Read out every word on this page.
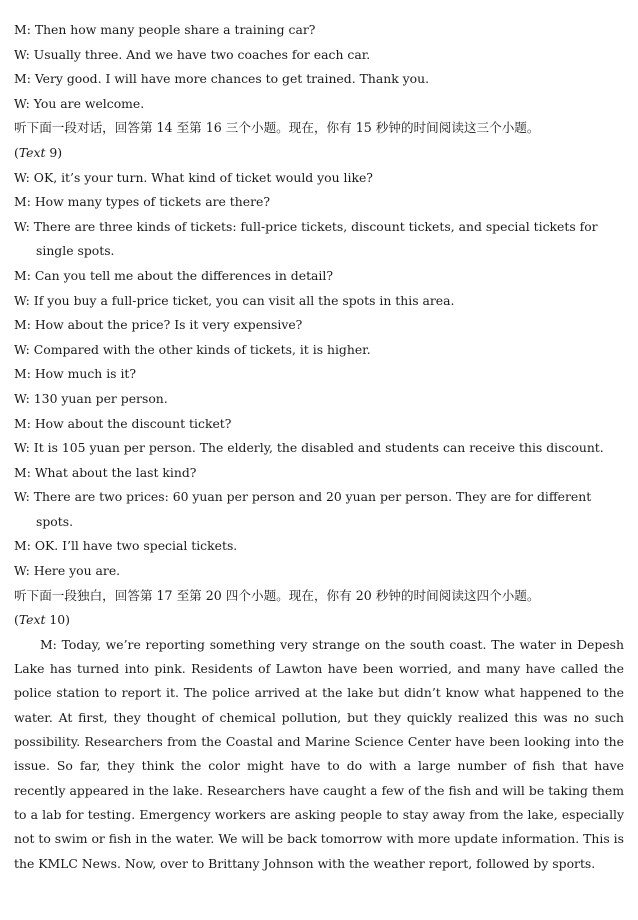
M: Then how many people share a training car?
W: Usually three. And we have two coaches for each car.
M: Very good. I will have more chances to get trained. Thank you.
W: You are welcome.
听下面一段对话，回答第 14 至第 16 三个小题。现在，你有 15 秒钟的时间阅读这三个小题。
(Text 9)
W: OK, it’s your turn. What kind of ticket would you like?
M: How many types of tickets are there?
W: There are three kinds of tickets: full-price tickets, discount tickets, and special tickets for
single spots.
M: Can you tell me about the differences in detail?
W: If you buy a full-price ticket, you can visit all the spots in this area.
M: How about the price? Is it very expensive?
W: Compared with the other kinds of tickets, it is higher.
M: How much is it?
W: 130 yuan per person.
M: How about the discount ticket?
W: It is 105 yuan per person. The elderly, the disabled and students can receive this discount.
M: What about the last kind?
W: There are two prices: 60 yuan per person and 20 yuan per person. They are for different
spots.
M: OK. I’ll have two special tickets.
W: Here you are.
听下面一段独白，回答第 17 至第 20 四个小题。现在，你有 20 秒钟的时间阅读这四个小题。
(Text 10)

M: Today, we’re reporting something very strange on the south coast. The water in Depesh Lake has turned into pink. Residents of Lawton have been worried, and many have called the police station to report it. The police arrived at the lake but didn’t know what happened to the water. At first, they thought of chemical pollution, but they quickly realized this was no such possibility. Researchers from the Coastal and Marine Science Center have been looking into the issue. So far, they think the color might have to do with a large number of fish that have recently appeared in the lake. Researchers have caught a few of the fish and will be taking them to a lab for testing. Emergency workers are asking people to stay away from the lake, especially not to swim or fish in the water. We will be back tomorrow with more update information. This is the KMLC News. Now, over to Brittany Johnson with the weather report, followed by sports.
